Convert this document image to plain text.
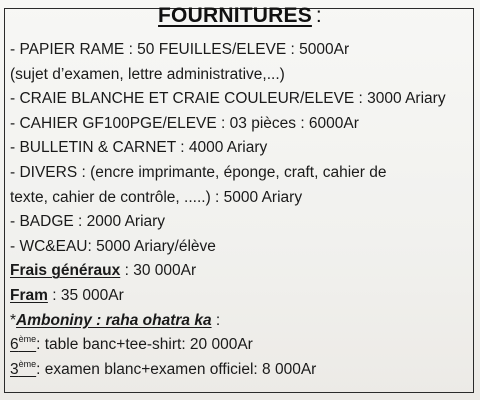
FOURNITURES :
- PAPIER RAME : 50 FEUILLES/ELEVE : 5000Ar
(sujet d’examen, lettre administrative,...)
- CRAIE BLANCHE ET CRAIE COULEUR/ELEVE : 3000 Ariary
- CAHIER GF100PGE/ELEVE : 03 pièces : 6000Ar
- BULLETIN & CARNET : 4000 Ariary
- DIVERS : (encre imprimante, éponge, craft, cahier de
texte, cahier de contrôle, .....) : 5000 Ariary
- BADGE : 2000 Ariary
- WC&EAU: 5000 Ariary/élève
Frais généraux : 30 000Ar
Fram : 35 000Ar
*Amboniny : raha ohatra ka :
6ème: table banc+tee-shirt: 20 000Ar
3ème: examen blanc+examen officiel: 8 000Ar
